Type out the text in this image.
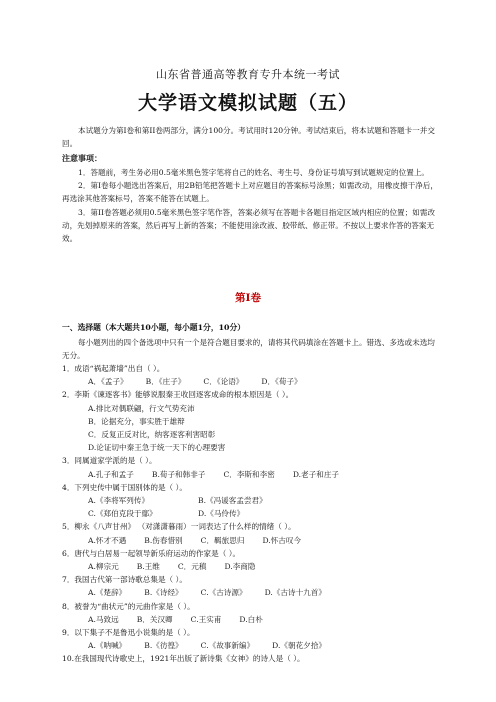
山东省普通高等教育专升本统一考试
大学语文模拟试题（五）
本试题分为第Ⅰ卷和第II卷两部分，满分100分。考试用时120分钟。考试结束后，将本试题和答题卡一并交回。
注意事项：
1．答题前，考生务必用0.5毫米黑色签字笔将自己的姓名、考生号、身份证号填写到试题规定的位置上。
2．第Ⅰ卷每小题选出答案后，用2B铅笔把答题卡上对应题目的答案标号涂黑；如需改动，用橡皮擦干净后，再选涂其他答案标号，答案不能答在试题上。
3．第II卷答题必须用0.5毫米黑色签字笔作答，答案必须写在答题卡各题目指定区域内相应的位置；如需改动，先划掉原来的答案，然后再写上新的答案；不能使用涂改液、胶带纸、修正带。不按以上要求作答的答案无效。
第Ⅰ卷
一、选择题（本大题共10小题，每小题1分，10分）
每小题列出的四个备选项中只有一个是符合题目要求的，请将其代码填涂在答题卡上。错选、多选或未选均无分。
1．成语“祸起萧墙”出自（ ）。
A．《孟子》 B．《庄子》 C．《论语》 D．《荀子》
2．李斯《谏逐客书》能够说服秦王收回逐客成命的根本原因是（ ）。
A.排比对偶联翩，行文气势充沛
B．论据充分，事实胜于雄辩
C．反复正反对比，纳客逐客利害昭彰
D.论证切中秦王急于统一天下的心理要害
3．同属道家学派的是（ ）。
A.孔子和孟子 B.荀子和韩非子 C．李斯和李密 D.老子和庄子
4．下列史传中属于国别体的是（ ）。
A.《李将军列传》	B.《冯谖客孟尝君》
C.《郑伯克段于鄢》	D.《马伶传》
5．柳永《八声甘州》 （对潇潇暮雨）一词表达了什么样的情绪（ ）。
A.怀才不遇 B.伤春惜别 C．羁旅思归 D.怀古叹今
6．唐代与白居易一起领导新乐府运动的作家是（ ）。
A.柳宗元 B.王维 C．元稹 D.李商隐
7．我国古代第一部诗歌总集是（ ）。
A.《楚辞》 B.《诗经》 C.《古诗源》 D.《古诗十九首》
8．被誉为“曲状元”的元曲作家是（ ）。
A.马致远 B．关汉卿 C.王实甫 D.白朴
9．以下集子不是鲁迅小说集的是（ ）。
A.《呐喊》 B.《彷徨》 C.《故事新编》 D.《朝花夕拾》
10.在我国现代诗歌史上，1921年出版了新诗集《女神》的诗人是（ ）。
